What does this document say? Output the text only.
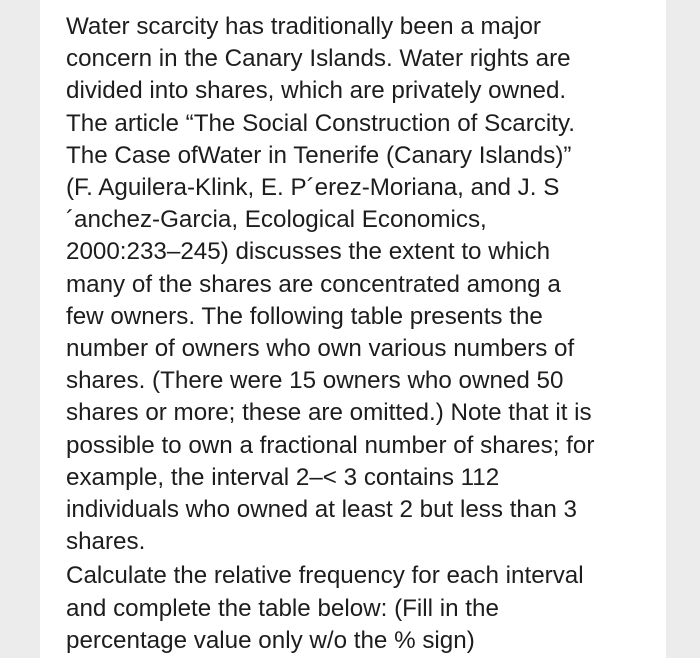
Water scarcity has traditionally been a major
concern in the Canary Islands. Water rights are
divided into shares, which are privately owned.
The article “The Social Construction of Scarcity.
The Case ofWater in Tenerife (Canary Islands)”
(F. Aguilera-Klink, E. P´erez-Moriana, and J. S
´anchez-Garcia, Ecological Economics,
2000:233–245) discusses the extent to which
many of the shares are concentrated among a
few owners. The following table presents the
number of owners who own various numbers of
shares. (There were 15 owners who owned 50
shares or more; these are omitted.) Note that it is
possible to own a fractional number of shares; for
example, the interval 2–< 3 contains 112
individuals who owned at least 2 but less than 3
shares.

Calculate the relative frequency for each interval
and complete the table below: (Fill in the
percentage value only w/o the % sign)
